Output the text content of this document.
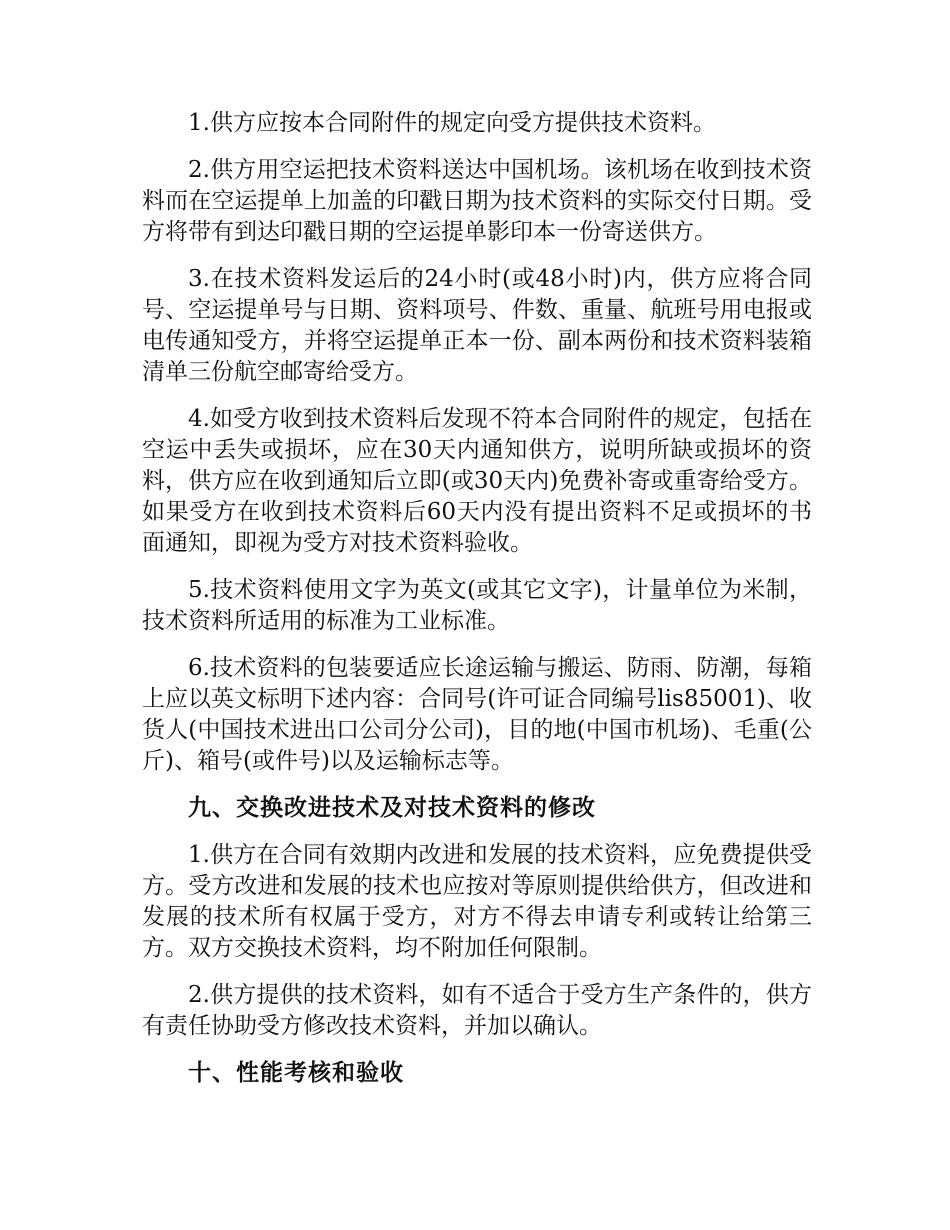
1.供方应按本合同附件的规定向受方提供技术资料。

2.供方用空运把技术资料送达中国机场。该机场在收到技术资料而在空运提单上加盖的印戳日期为技术资料的实际交付日期。受方将带有到达印戳日期的空运提单影印本一份寄送供方。

3.在技术资料发运后的24小时(或48小时)内，供方应将合同号、空运提单号与日期、资料项号、件数、重量、航班号用电报或电传通知受方，并将空运提单正本一份、副本两份和技术资料装箱清单三份航空邮寄给受方。

4.如受方收到技术资料后发现不符本合同附件的规定，包括在空运中丢失或损坏，应在30天内通知供方，说明所缺或损坏的资料，供方应在收到通知后立即(或30天内)免费补寄或重寄给受方。如果受方在收到技术资料后60天内没有提出资料不足或损坏的书面通知，即视为受方对技术资料验收。

5.技术资料使用文字为英文(或其它文字)，计量单位为米制，技术资料所适用的标准为工业标准。

6.技术资料的包装要适应长途运输与搬运、防雨、防潮，每箱上应以英文标明下述内容：合同号(许可证合同编号lis85001)、收货人(中国技术进出口公司分公司)，目的地(中国市机场)、毛重(公斤)、箱号(或件号)以及运输标志等。

九、交换改进技术及对技术资料的修改

1.供方在合同有效期内改进和发展的技术资料，应免费提供受方。受方改进和发展的技术也应按对等原则提供给供方，但改进和发展的技术所有权属于受方，对方不得去申请专利或转让给第三方。双方交换技术资料，均不附加任何限制。

2.供方提供的技术资料，如有不适合于受方生产条件的，供方有责任协助受方修改技术资料，并加以确认。

十、性能考核和验收
